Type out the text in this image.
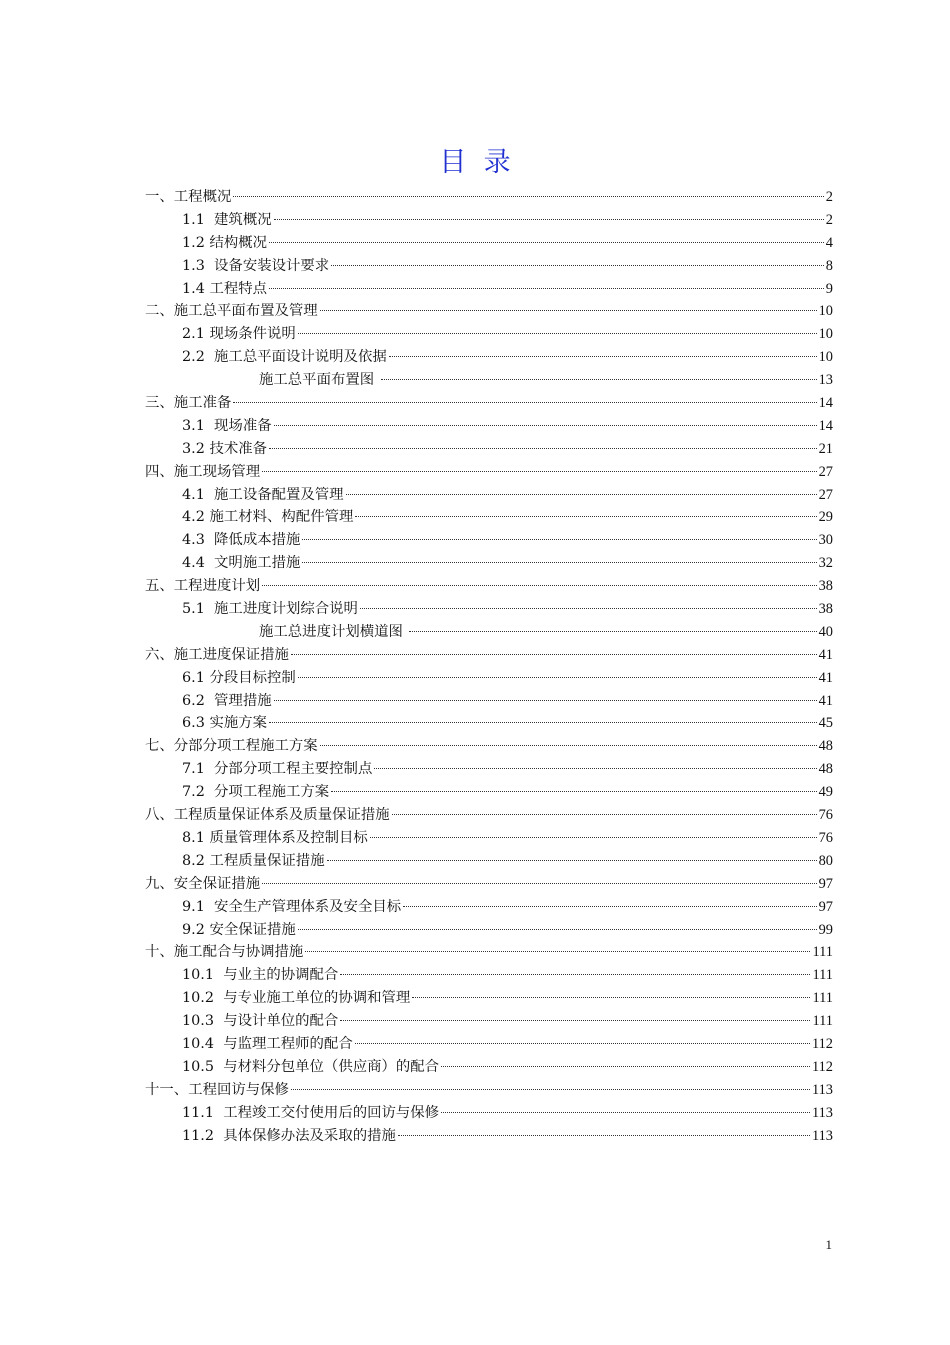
目  录
一、工程概况	2
1.1  建筑概况	2
1.2 结构概况	4
1.3  设备安装设计要求	8
1.4 工程特点	9
二、施工总平面布置及管理	10
2.1 现场条件说明	10
2.2  施工总平面设计说明及依据	10
施工总平面布置图	13
三、施工准备	14
3.1  现场准备	14
3.2 技术准备	21
四、施工现场管理	27
4.1  施工设备配置及管理	27
4.2 施工材料、构配件管理	29
4.3  降低成本措施	30
4.4  文明施工措施	32
五、工程进度计划	38
5.1  施工进度计划综合说明	38
施工总进度计划横道图	40
六、施工进度保证措施	41
6.1 分段目标控制	41
6.2  管理措施	41
6.3 实施方案	45
七、分部分项工程施工方案	48
7.1  分部分项工程主要控制点	48
7.2  分项工程施工方案	49
八、工程质量保证体系及质量保证措施	76
8.1 质量管理体系及控制目标	76
8.2 工程质量保证措施	80
九、安全保证措施	97
9.1  安全生产管理体系及安全目标	97
9.2 安全保证措施	99
十、施工配合与协调措施	111
10.1  与业主的协调配合	111
10.2  与专业施工单位的协调和管理	111
10.3  与设计单位的配合	111
10.4  与监理工程师的配合	112
10.5  与材料分包单位（供应商）的配合	112
十一、工程回访与保修	113
11.1  工程竣工交付使用后的回访与保修	113
11.2  具体保修办法及采取的措施	113
1
